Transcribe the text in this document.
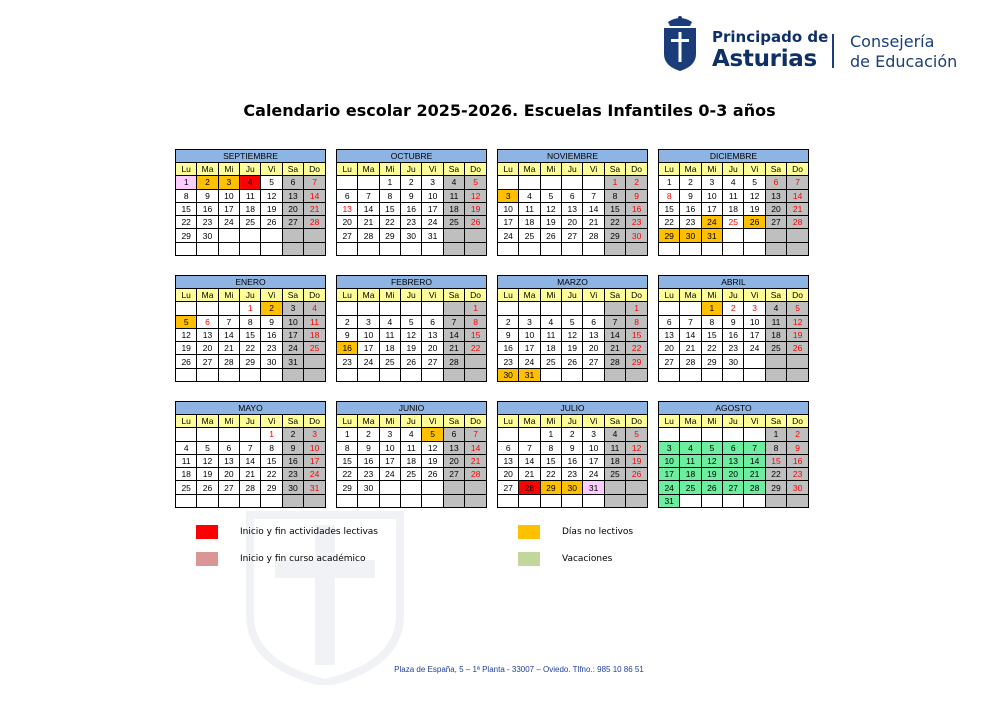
Principado de
Asturias
Consejería
de Educación
Calendario escolar 2025-2026. Escuelas Infantiles 0-3 años
SEPTIEMBRE						
Lu	Ma	Mi	Ju	Vi	Sa	Do
1	2	3	4	5	6	7
8	9	10	11	12	13	14
15	16	17	18	19	20	21
22	23	24	25	26	27	28
29	30					

OCTUBRE						
Lu	Ma	Mi	Ju	Vi	Sa	Do
		1	2	3	4	5
6	7	8	9	10	11	12
13	14	15	16	17	18	19
20	21	22	23	24	25	26
27	28	29	30	31		

NOVIEMBRE						
Lu	Ma	Mi	Ju	Vi	Sa	Do
					1	2
3	4	5	6	7	8	9
10	11	12	13	14	15	16
17	18	19	20	21	22	23
24	25	26	27	28	29	30

DICIEMBRE						
Lu	Ma	Mi	Ju	Vi	Sa	Do
1	2	3	4	5	6	7
8	9	10	11	12	13	14
15	16	17	18	19	20	21
22	23	24	25	26	27	28
29	30	31				

ENERO						
Lu	Ma	Mi	Ju	Vi	Sa	Do
			1	2	3	4
5	6	7	8	9	10	11
12	13	14	15	16	17	18
19	20	21	22	23	24	25
26	27	28	29	30	31	

FEBRERO						
Lu	Ma	Mi	Ju	Vi	Sa	Do
						1
2	3	4	5	6	7	8
9	10	11	12	13	14	15
16	17	18	19	20	21	22
23	24	25	26	27	28	

MARZO						
Lu	Ma	Mi	Ju	Vi	Sa	Do
						1
2	3	4	5	6	7	8
9	10	11	12	13	14	15
16	17	18	19	20	21	22
23	24	25	26	27	28	29
30	31					
ABRIL						
Lu	Ma	Mi	Ju	Vi	Sa	Do
		1	2	3	4	5
6	7	8	9	10	11	12
13	14	15	16	17	18	19
20	21	22	23	24	25	26
27	28	29	30			

MAYO						
Lu	Ma	Mi	Ju	Vi	Sa	Do
				1	2	3
4	5	6	7	8	9	10
11	12	13	14	15	16	17
18	19	20	21	22	23	24
25	26	27	28	29	30	31

JUNIO						
Lu	Ma	Mi	Ju	Vi	Sa	Do
1	2	3	4	5	6	7
8	9	10	11	12	13	14
15	16	17	18	19	20	21
22	23	24	25	26	27	28
29	30					

JULIO						
Lu	Ma	Mi	Ju	Vi	Sa	Do
		1	2	3	4	5
6	7	8	9	10	11	12
13	14	15	16	17	18	19
20	21	22	23	24	25	26
27	28	29	30	31		

AGOSTO						
Lu	Ma	Mi	Ju	Vi	Sa	Do
					1	2
3	4	5	6	7	8	9
10	11	12	13	14	15	16
17	18	19	20	21	22	23
24	25	26	27	28	29	30
31						
Inicio y fin actividades lectivas
Inicio y fin curso académico
Días no lectivos
Vacaciones
Plaza de España, 5 – 1ª Planta - 33007 – Oviedo. Tlfno.: 985 10 86 51
